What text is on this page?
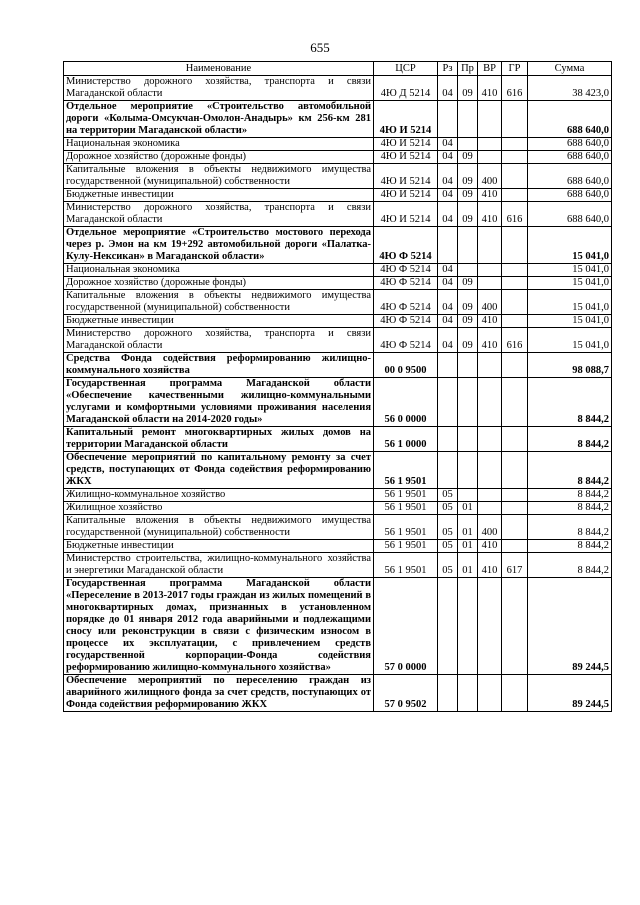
655
Наименование	ЦСР	Рз	Пр	ВР	ГР	Сумма
Министерство дорожного хозяйства, транспорта и связи Магаданской области	4Ю Д 5214	04	09	410	616	38 423,0
Отдельное мероприятие «Строительство автомобильной дороги «Колыма-Омсукчан-Омолон-Анадырь» км 256-км 281 на территории Магаданской области»	4Ю И 5214					688 640,0
Национальная экономика	4Ю И 5214	04				688 640,0
Дорожное хозяйство (дорожные фонды)	4Ю И 5214	04	09			688 640,0
Капитальные вложения в объекты недвижимого имущества государственной (муниципальной) собственности	4Ю И 5214	04	09	400		688 640,0
Бюджетные инвестиции	4Ю И 5214	04	09	410		688 640,0
Министерство дорожного хозяйства, транспорта и связи Магаданской области	4Ю И 5214	04	09	410	616	688 640,0
Отдельное мероприятие «Строительство мостового перехода через р. Эмон на км 19+292 автомобильной дороги «Палатка-Кулу-Нексикан» в Магаданской области»	4Ю Ф 5214					15 041,0
Национальная экономика	4Ю Ф 5214	04				15 041,0
Дорожное хозяйство (дорожные фонды)	4Ю Ф 5214	04	09			15 041,0
Капитальные вложения в объекты недвижимого имущества государственной (муниципальной) собственности	4Ю Ф 5214	04	09	400		15 041,0
Бюджетные инвестиции	4Ю Ф 5214	04	09	410		15 041,0
Министерство дорожного хозяйства, транспорта и связи Магаданской области	4Ю Ф 5214	04	09	410	616	15 041,0
Средства Фонда содействия реформированию жилищно-коммунального хозяйства	00 0 9500					98 088,7
Государственная программа Магаданской области «Обеспечение качественными жилищно-коммунальными услугами и комфортными условиями проживания населения Магаданской области на 2014-2020 годы»	56 0 0000					8 844,2
Капитальный ремонт многоквартирных жилых домов на территории Магаданской области	56 1 0000					8 844,2
Обеспечение мероприятий по капитальному ремонту за счет средств, поступающих от Фонда содействия реформированию ЖКХ	56 1 9501					8 844,2
Жилищно-коммунальное хозяйство	56 1 9501	05				8 844,2
Жилищное хозяйство	56 1 9501	05	01			8 844,2
Капитальные вложения в объекты недвижимого имущества государственной (муниципальной) собственности	56 1 9501	05	01	400		8 844,2
Бюджетные инвестиции	56 1 9501	05	01	410		8 844,2
Министерство строительства, жилищно-коммунального хозяйства и энергетики Магаданской области	56 1 9501	05	01	410	617	8 844,2
Государственная программа Магаданской области «Переселение в 2013-2017 годы граждан из жилых помещений в многоквартирных домах, признанных в установленном порядке до 01 января 2012 года аварийными и подлежащими сносу или реконструкции в связи с физическим износом в процессе их эксплуатации, с привлечением средств государственной корпорации-Фонда содействия реформированию жилищно-коммунального хозяйства»	57 0 0000					89 244,5
Обеспечение мероприятий по переселению граждан из аварийного жилищного фонда за счет средств, поступающих от Фонда содействия реформированию ЖКХ	57 0 9502					89 244,5
